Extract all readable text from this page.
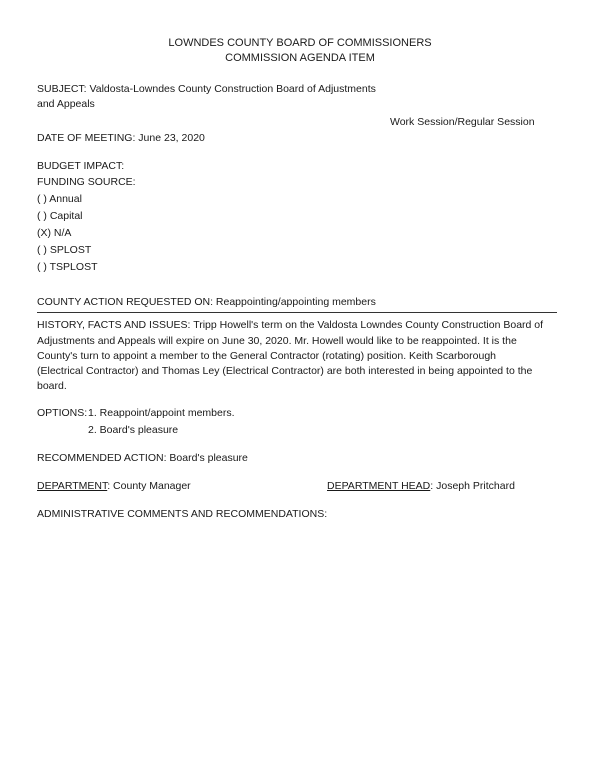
LOWNDES COUNTY BOARD OF COMMISSIONERS
COMMISSION AGENDA ITEM
SUBJECT: Valdosta-Lowndes County Construction Board of Adjustments
and Appeals
Work Session/Regular Session
DATE OF MEETING: June 23, 2020
BUDGET IMPACT:
FUNDING SOURCE:
( ) Annual
( ) Capital
(X) N/A
( ) SPLOST
( ) TSPLOST
COUNTY ACTION REQUESTED ON: Reappointing/appointing members
HISTORY, FACTS AND ISSUES: Tripp Howell's term on the Valdosta Lowndes County Construction Board of
Adjustments and Appeals will expire on June 30, 2020. Mr. Howell would like to be reappointed. It is the
County's turn to appoint a member to the General Contractor (rotating) position. Keith Scarborough
(Electrical Contractor) and Thomas Ley (Electrical Contractor) are both interested in being appointed to the
board.
OPTIONS: 1. Reappoint/appoint members.
2. Board's pleasure
RECOMMENDED ACTION: Board's pleasure
DEPARTMENT: County Manager	DEPARTMENT HEAD: Joseph Pritchard
ADMINISTRATIVE COMMENTS AND RECOMMENDATIONS:
